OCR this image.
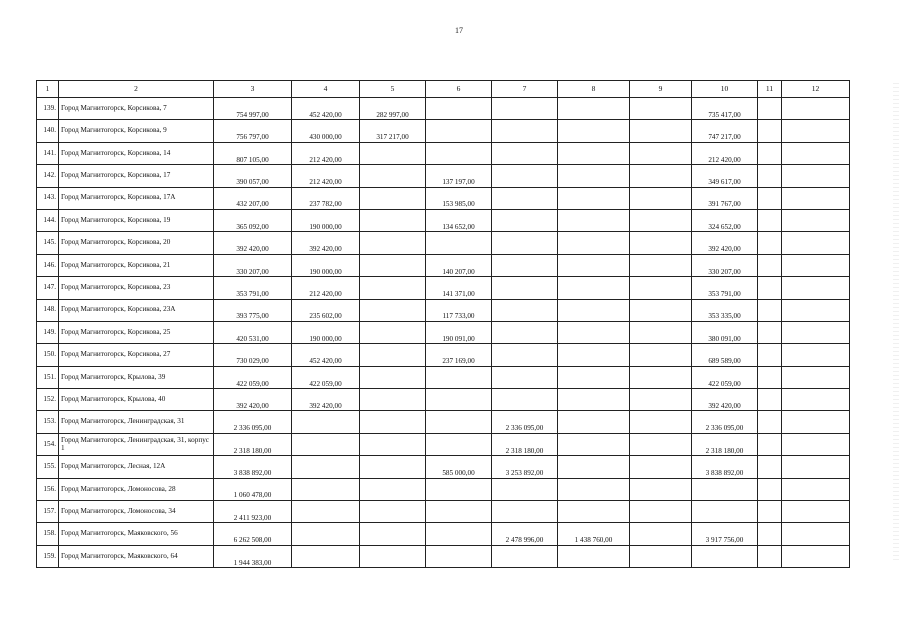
17
1	2	3	4	5	6	7	8	9	10	11	12
139.	Город Магнитогорск, Корсикова, 7	754 997,00	452 420,00	282 997,00					735 417,00		
140.	Город Магнитогорск, Корсикова, 9	756 797,00	430 000,00	317 217,00					747 217,00		
141.	Город Магнитогорск, Корсикова, 14	807 105,00	212 420,00						212 420,00		
142.	Город Магнитогорск, Корсикова, 17	390 057,00	212 420,00		137 197,00				349 617,00		
143.	Город Магнитогорск, Корсикова, 17А	432 207,00	237 782,00		153 985,00				391 767,00		
144.	Город Магнитогорск, Корсикова, 19	365 092,00	190 000,00		134 652,00				324 652,00		
145.	Город Магнитогорск, Корсикова, 20	392 420,00	392 420,00						392 420,00		
146.	Город Магнитогорск, Корсикова, 21	330 207,00	190 000,00		140 207,00				330 207,00		
147.	Город Магнитогорск, Корсикова, 23	353 791,00	212 420,00		141 371,00				353 791,00		
148.	Город Магнитогорск, Корсикова, 23А	393 775,00	235 602,00		117 733,00				353 335,00		
149.	Город Магнитогорск, Корсикова, 25	420 531,00	190 000,00		190 091,00				380 091,00		
150.	Город Магнитогорск, Корсикова, 27	730 029,00	452 420,00		237 169,00				689 589,00		
151.	Город Магнитогорск, Крылова, 39	422 059,00	422 059,00						422 059,00		
152.	Город Магнитогорск, Крылова, 40	392 420,00	392 420,00						392 420,00		
153.	Город Магнитогорск, Ленинградская, 31	2 336 095,00				2 336 095,00			2 336 095,00		
154.	Город Магнитогорск, Ленинградская, 31, корпус 1	2 318 180,00				2 318 180,00			2 318 180,00		
155.	Город Магнитогорск, Лесная, 12А	3 838 892,00			585 000,00	3 253 892,00			3 838 892,00		
156.	Город Магнитогорск, Ломоносова, 28	1 060 478,00									
157.	Город Магнитогорск, Ломоносова, 34	2 411 923,00									
158.	Город Магнитогорск, Маяковского, 56	6 262 508,00				2 478 996,00	1 438 760,00		3 917 756,00		
159.	Город Магнитогорск, Маяковского, 64	1 944 383,00									
